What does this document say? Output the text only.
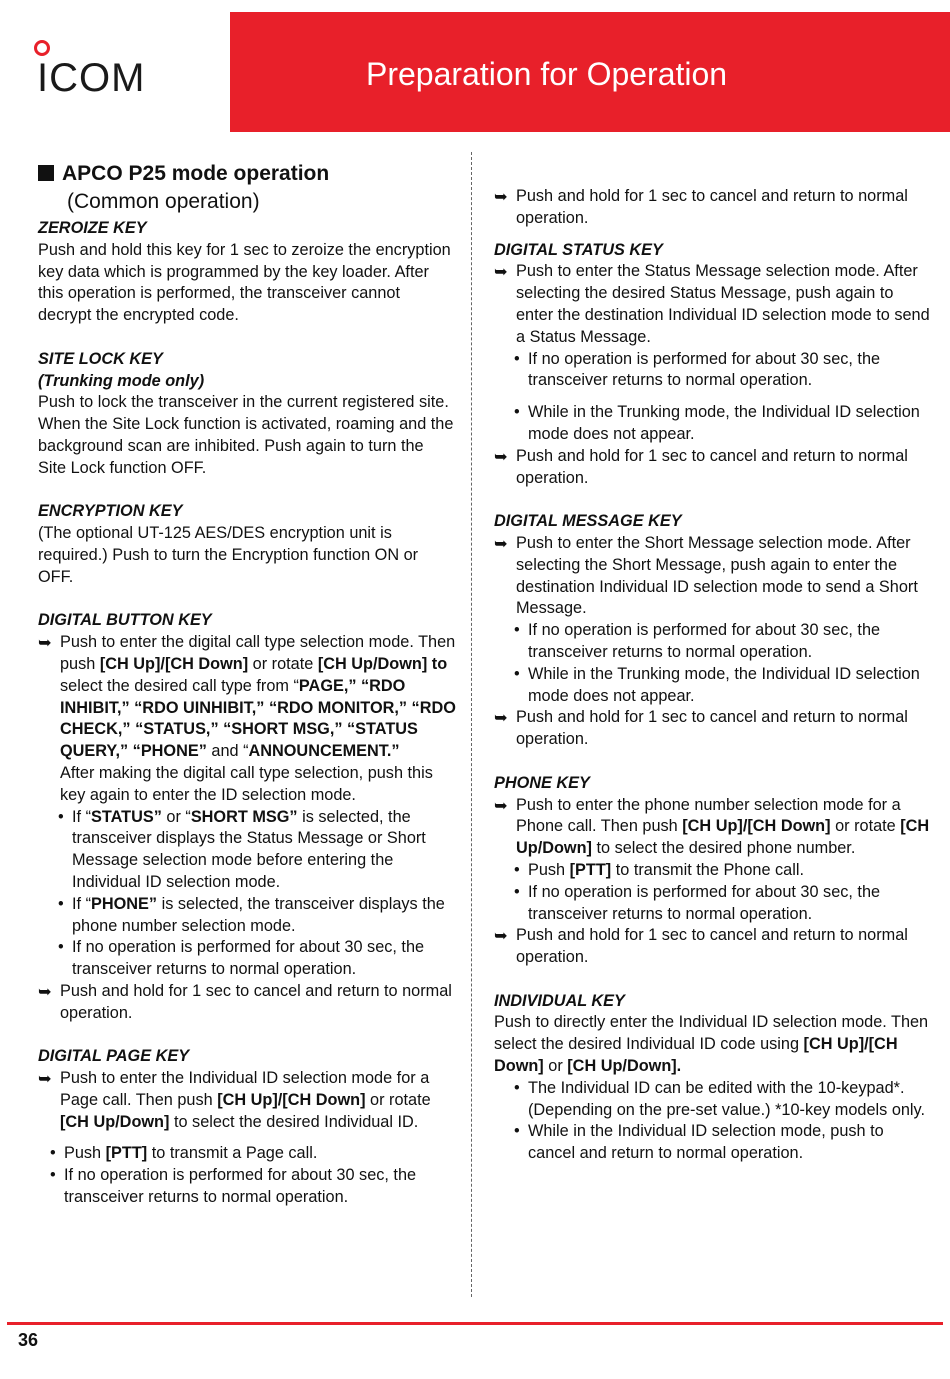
ICOM	Preparation for Operation

APCO P25 mode operation

(Common operation)

ZEROIZE KEY

Push and hold this key for 1 sec to zeroize the encryption key data which is programmed by the key loader. After this operation is performed, the transceiver cannot decrypt the encrypted code.

SITE LOCK KEY

(Trunking mode only)

Push to lock the transceiver in the current registered site. When the Site Lock function is activated, roaming and the background scan are inhibited. Push again to turn the Site Lock function OFF.

ENCRYPTION KEY

(The optional UT-125 AES/DES encryption unit is required.) Push to turn the Encryption function ON or OFF.

DIGITAL BUTTON KEY

➥ Push to enter the digital call type selection mode. Then push [CH Up]/[CH Down] or rotate [CH Up/Down] to select the desired call type from “PAGE,” “RDO INHIBIT,” “RDO UINHIBIT,” “RDO MONITOR,” “RDO CHECK,” “STATUS,” “SHORT MSG,” “STATUS QUERY,” “PHONE” and “ANNOUNCEMENT.”

After making the digital call type selection, push this key again to enter the ID selection mode.

• If “STATUS” or “SHORT MSG” is selected, the transceiver displays the Status Message or Short Message selection mode before entering the Individual ID selection mode.

• If “PHONE” is selected, the transceiver displays the phone number selection mode.

• If no operation is performed for about 30 sec, the transceiver returns to normal operation.

➥ Push and hold for 1 sec to cancel and return to normal operation.

DIGITAL PAGE KEY

➥ Push to enter the Individual ID selection mode for a Page call. Then push [CH Up]/[CH Down] or rotate [CH Up/Down] to select the desired Individual ID.

• Push [PTT] to transmit a Page call.

• If no operation is performed for about 30 sec, the transceiver returns to normal operation.

➥ Push and hold for 1 sec to cancel and return to normal operation.

DIGITAL STATUS KEY

➥ Push to enter the Status Message selection mode. After selecting the desired Status Message, push again to enter the destination Individual ID selection mode to send a Status Message.

• If no operation is performed for about 30 sec, the transceiver returns to normal operation.

• While in the Trunking mode, the Individual ID selection mode does not appear.

➥ Push and hold for 1 sec to cancel and return to normal operation.

DIGITAL MESSAGE KEY

➥ Push to enter the Short Message selection mode. After selecting the Short Message, push again to enter the destination Individual ID selection mode to send a Short Message.

• If no operation is performed for about 30 sec, the transceiver returns to normal operation.

• While in the Trunking mode, the Individual ID selection mode does not appear.

➥ Push and hold for 1 sec to cancel and return to normal operation.

PHONE KEY

➥ Push to enter the phone number selection mode for a Phone call. Then push [CH Up]/[CH Down] or rotate [CH Up/Down] to select the desired phone number.

• Push [PTT] to transmit the Phone call.

• If no operation is performed for about 30 sec, the transceiver returns to normal operation.

➥ Push and hold for 1 sec to cancel and return to normal operation.

INDIVIDUAL KEY

Push to directly enter the Individual ID selection mode. Then select the desired Individual ID code using [CH Up]/[CH Down] or [CH Up/Down].

• The Individual ID can be edited with the 10-keypad*. (Depending on the pre-set value.) *10-key models only.

• While in the Individual ID selection mode, push to cancel and return to normal operation.

36
